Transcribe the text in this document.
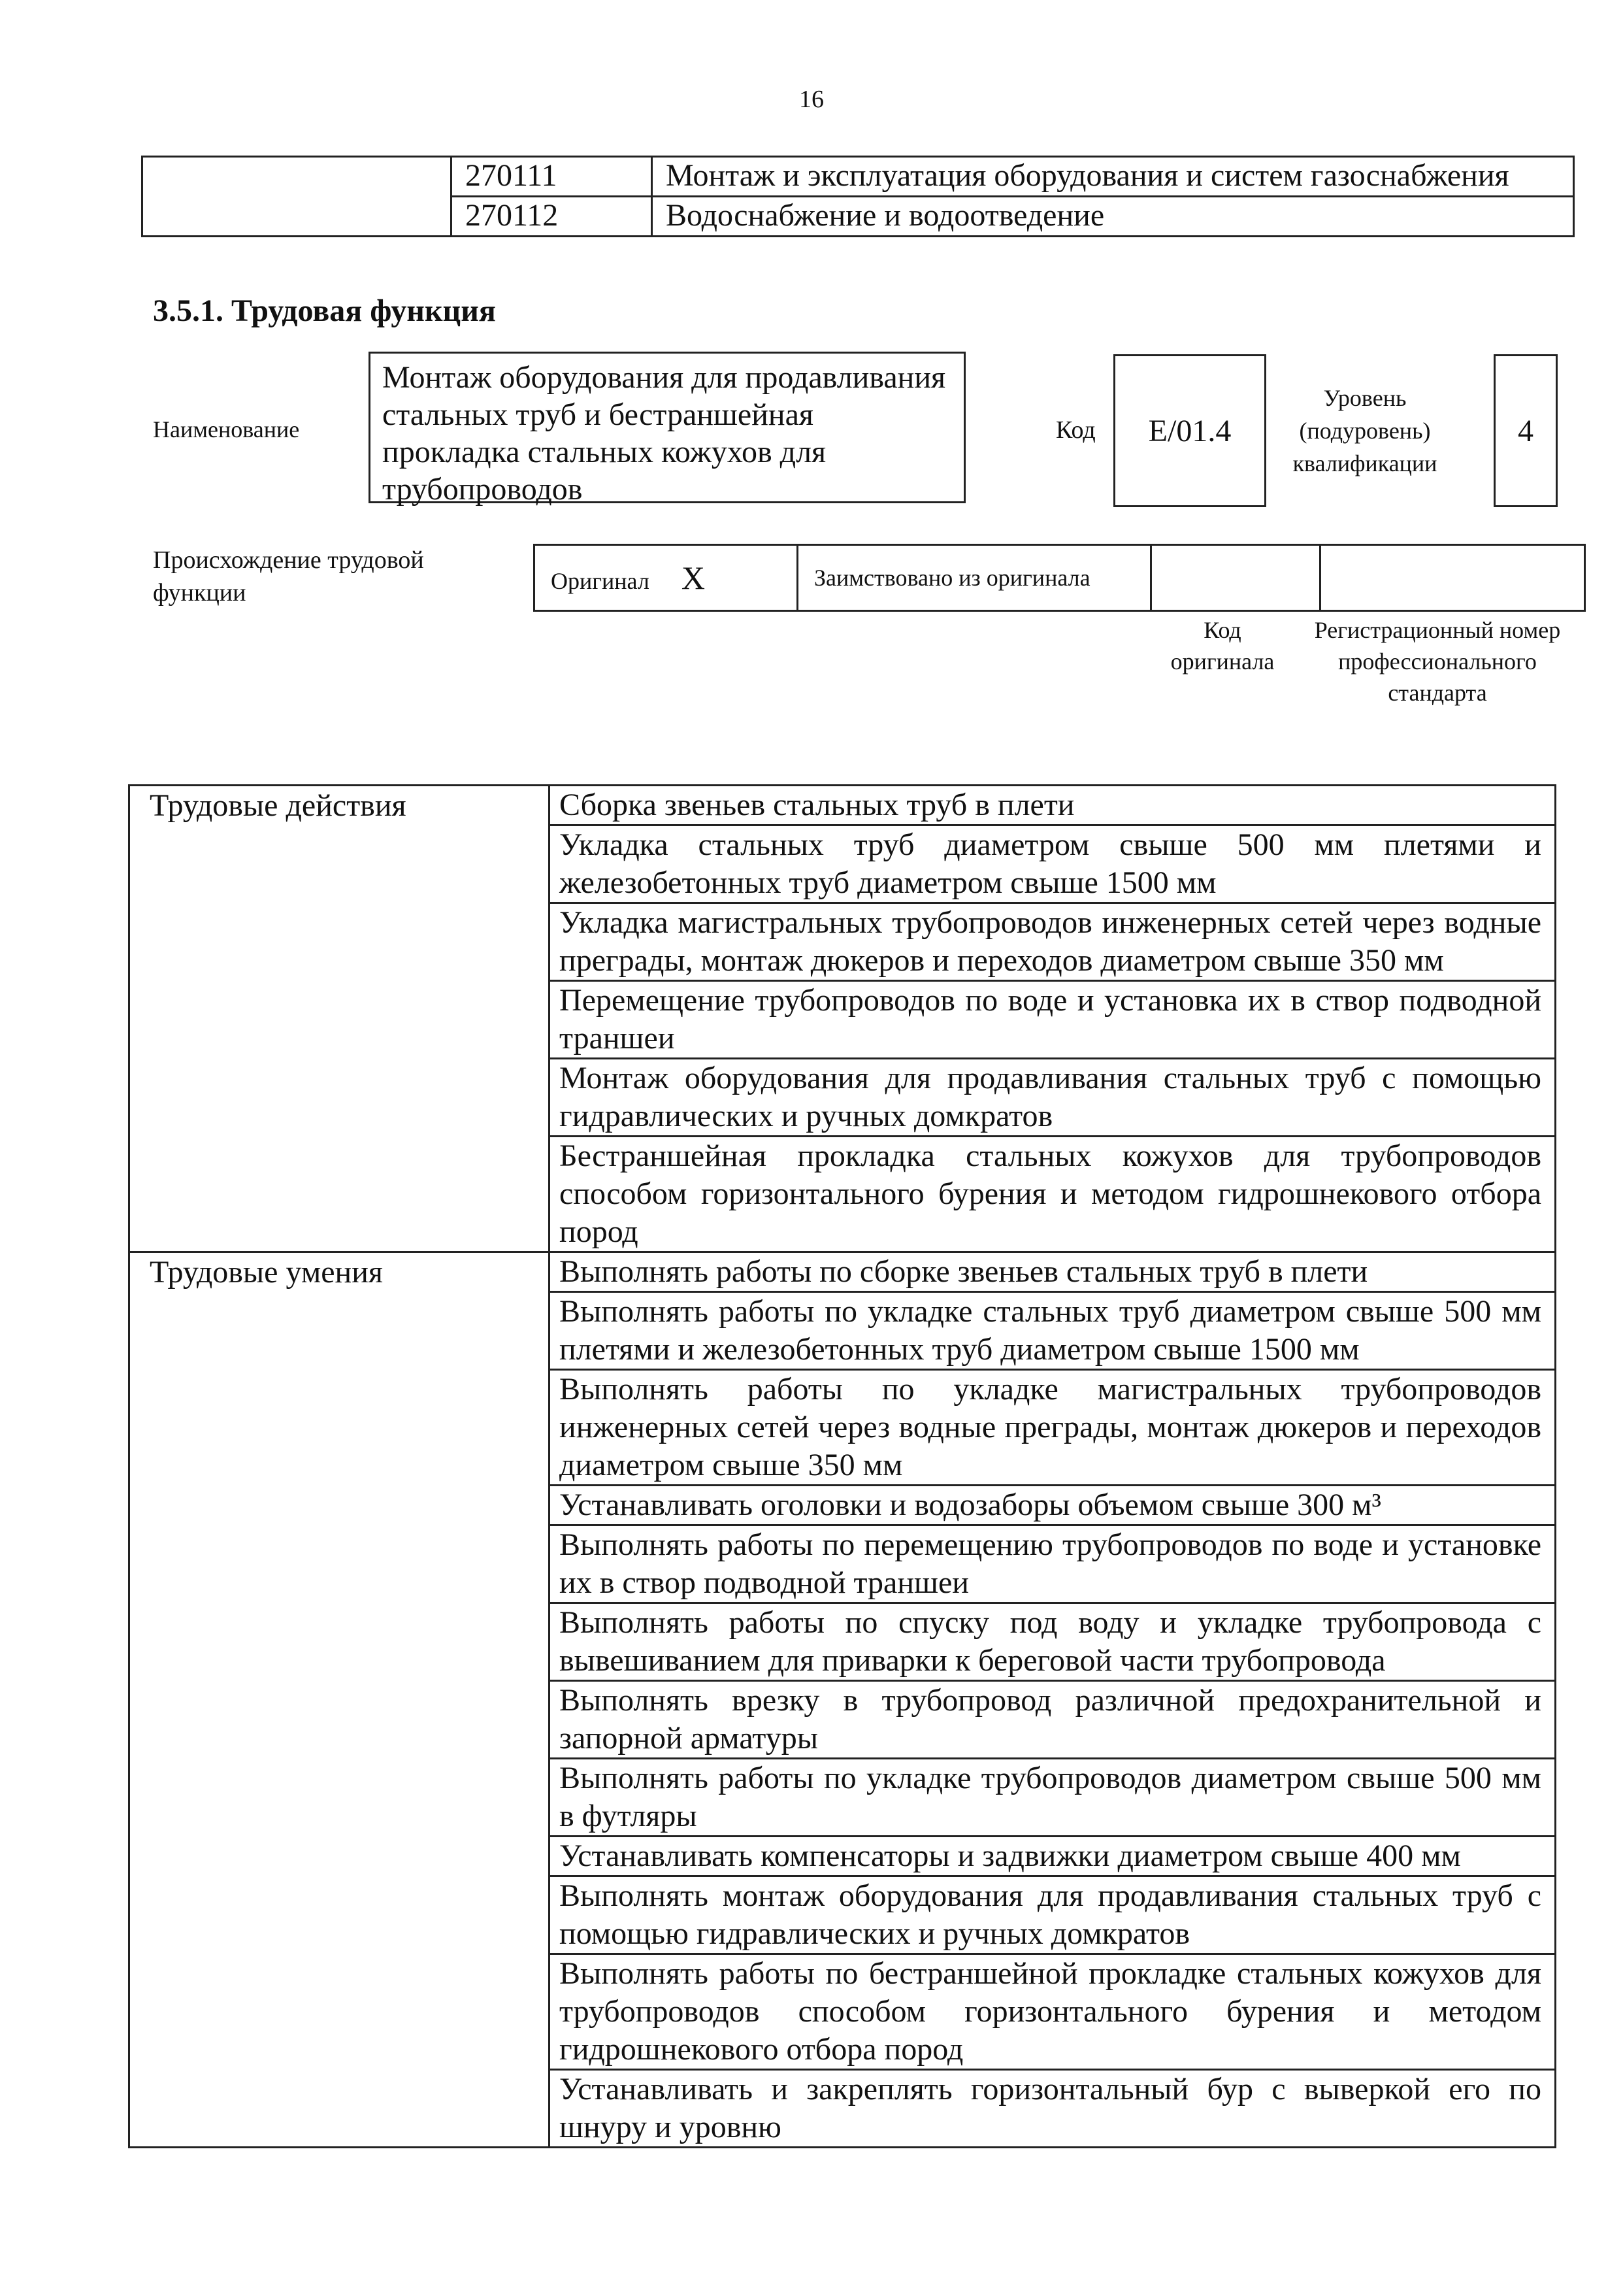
16
	270111	Монтаж и эксплуатация оборудования и систем газоснабжения
	270112	Водоснабжение и водоотведение
3.5.1. Трудовая функция
Наименование
Монтаж оборудования для продавливания стальных труб и бестраншейная прокладка стальных кожухов для трубопроводов
Код	E/01.4
Уровень (подуровень) квалификации
4
Происхождение трудовой функции	Оригинал X	Заимствовано из оригинала		
Код оригинала
Регистрационный номер профессионального стандарта
Трудовые действия	Сборка звеньев стальных труб в плети
	Укладка стальных труб диаметром свыше 500 мм плетями и железобетонных труб диаметром свыше 1500 мм
	Укладка магистральных трубопроводов инженерных сетей через водные преграды, монтаж дюкеров и переходов диаметром свыше 350 мм
	Перемещение трубопроводов по воде и установка их в створ подводной траншеи
	Монтаж оборудования для продавливания стальных труб с помощью гидравлических и ручных домкратов
	Бестраншейная прокладка стальных кожухов для трубопроводов способом горизонтального бурения и методом гидрошнекового отбора пород
Трудовые умения	Выполнять работы по сборке звеньев стальных труб в плети
	Выполнять работы по укладке стальных труб диаметром свыше 500 мм плетями и железобетонных труб диаметром свыше 1500 мм
	Выполнять работы по укладке магистральных трубопроводов инженерных сетей через водные преграды, монтаж дюкеров и переходов диаметром свыше 350 мм
	Устанавливать оголовки и водозаборы объемом свыше 300 м³
	Выполнять работы по перемещению трубопроводов по воде и установке их в створ подводной траншеи
	Выполнять работы по спуску под воду и укладке трубопровода с вывешиванием для приварки к береговой части трубопровода
	Выполнять врезку в трубопровод различной предохранительной и запорной арматуры
	Выполнять работы по укладке трубопроводов диаметром свыше 500 мм в футляры
	Устанавливать компенсаторы и задвижки диаметром свыше 400 мм
	Выполнять монтаж оборудования для продавливания стальных труб с помощью гидравлических и ручных домкратов
	Выполнять работы по бестраншейной прокладке стальных кожухов для трубопроводов способом горизонтального бурения и методом гидрошнекового отбора пород
	Устанавливать и закреплять горизонтальный бур с выверкой его по шнуру и уровню
